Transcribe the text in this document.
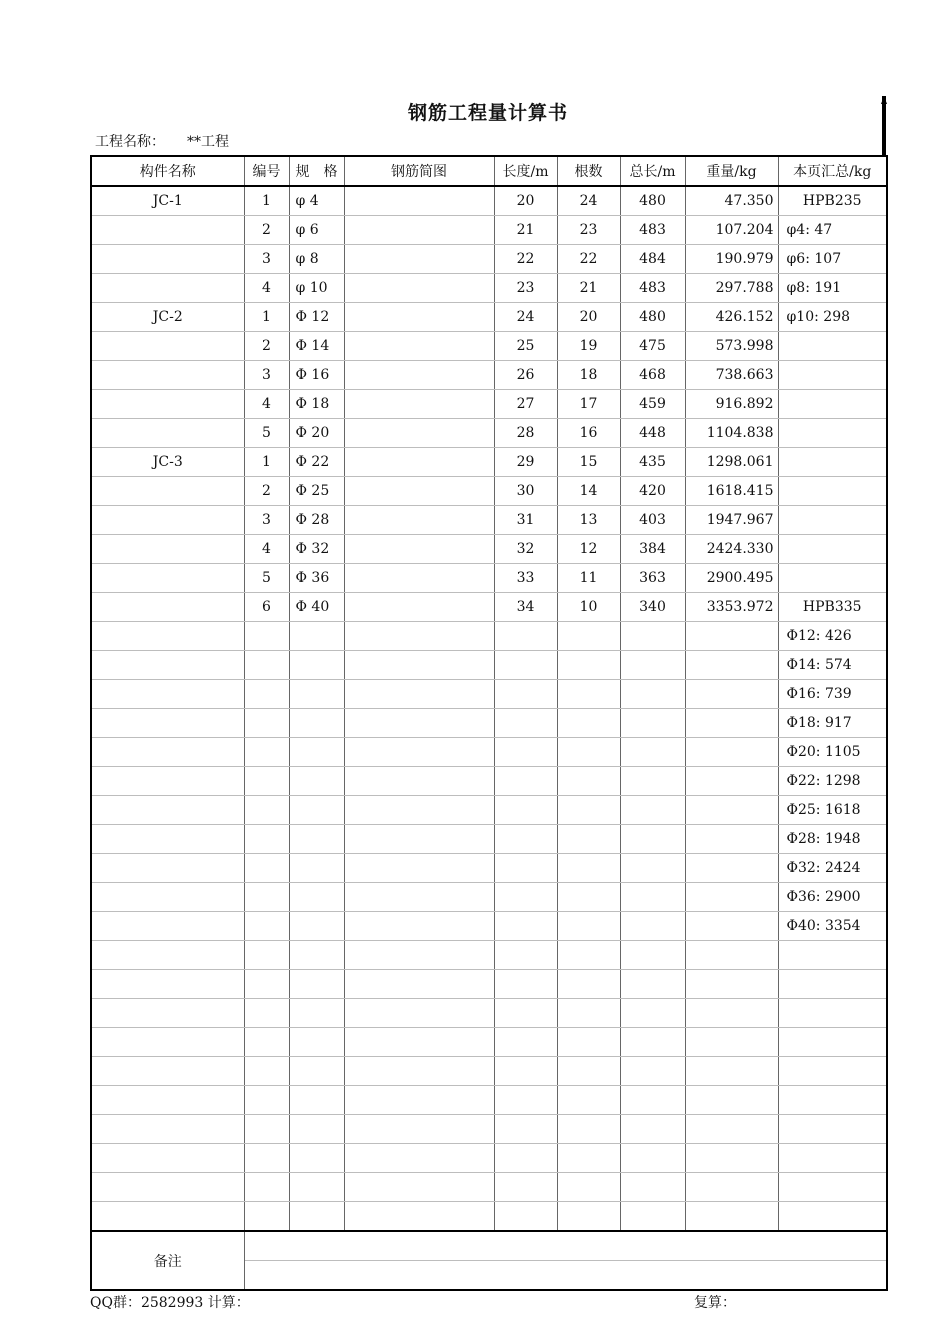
钢筋工程量计算书
工程名称： **工程
构件名称	编号	规　格	钢筋简图	长度/m	根数	总长/m	重量/kg	本页汇总/kg
JC-1	1	φ 4		20	24	480	47.350	HPB235
	2	φ 6		21	23	483	107.204	φ4: 47
	3	φ 8		22	22	484	190.979	φ6: 107
	4	φ 10		23	21	483	297.788	φ8: 191
JC-2	1	Φ 12		24	20	480	426.152	φ10: 298
	2	Φ 14		25	19	475	573.998	
	3	Φ 16		26	18	468	738.663	
	4	Φ 18		27	17	459	916.892	
	5	Φ 20		28	16	448	1104.838	
JC-3	1	Φ 22		29	15	435	1298.061	
	2	Φ 25		30	14	420	1618.415	
	3	Φ 28		31	13	403	1947.967	
	4	Φ 32		32	12	384	2424.330	
	5	Φ 36		33	11	363	2900.495	
	6	Φ 40		34	10	340	3353.972	HPB335
								Φ12: 426
								Φ14: 574
								Φ16: 739
								Φ18: 917
								Φ20: 1105
								Φ22: 1298
								Φ25: 1618
								Φ28: 1948
								Φ32: 2424
								Φ36: 2900
								Φ40: 3354

备注								

QQ群：2582993 计算：	复算：
